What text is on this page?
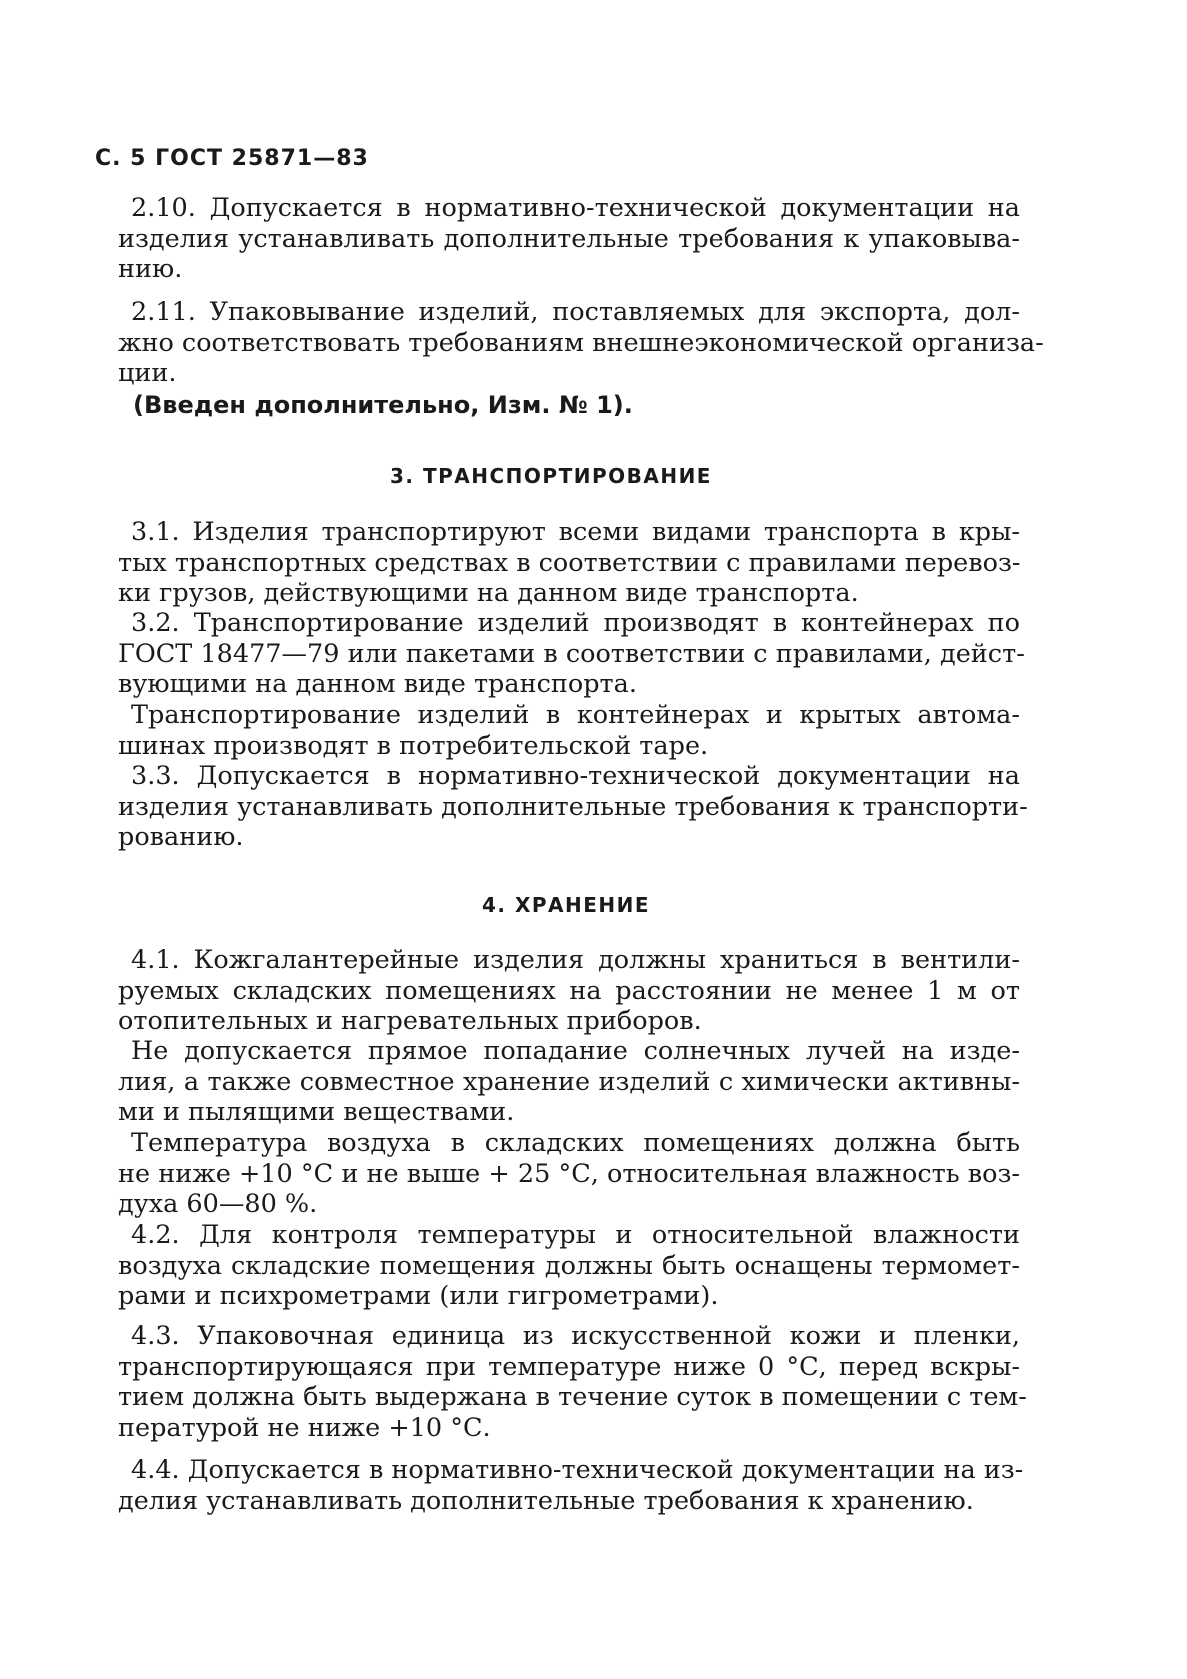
С. 5 ГОСТ 25871—83
2.10. Допускается в нормативно-технической документации на
изделия устанавливать дополнительные требования к упаковыва-
нию.
2.11. Упаковывание изделий, поставляемых для экспорта, дол-
жно соответствовать требованиям внешнеэкономической организа-
ции.
(Введен дополнительно, Изм. № 1).
3. ТРАНСПОРТИРОВАНИЕ
3.1. Изделия транспортируют всеми видами транспорта в кры-
тых транспортных средствах в соответствии с правилами перевоз-
ки грузов, действующими на данном виде транспорта.
3.2. Транспортирование изделий производят в контейнерах по
ГОСТ 18477—79 или пакетами в соответствии с правилами, дейст-
вующими на данном виде транспорта.
Транспортирование изделий в контейнерах и крытых автома-
шинах производят в потребительской таре.
3.3. Допускается в нормативно-технической документации на
изделия устанавливать дополнительные требования к транспорти-
рованию.
4. ХРАНЕНИЕ
4.1. Кожгалантерейные изделия должны храниться в вентили-
руемых складских помещениях на расстоянии не менее 1 м от
отопительных и нагревательных приборов.
Не допускается прямое попадание солнечных лучей на изде-
лия, а также совместное хранение изделий с химически активны-
ми и пылящими веществами.
Температура воздуха в складских помещениях должна быть
не ниже +10 °С и не выше + 25 °С, относительная влажность воз-
духа 60—80 %.
4.2. Для контроля температуры и относительной влажности
воздуха складские помещения должны быть оснащены термомет-
рами и психрометрами (или гигрометрами).
4.3. Упаковочная единица из искусственной кожи и пленки,
транспортирующаяся при температуре ниже 0 °С, перед вскры-
тием должна быть выдержана в течение суток в помещении с тем-
пературой не ниже +10 °С.
4.4. Допускается в нормативно-технической документации на из-
делия устанавливать дополнительные требования к хранению.
